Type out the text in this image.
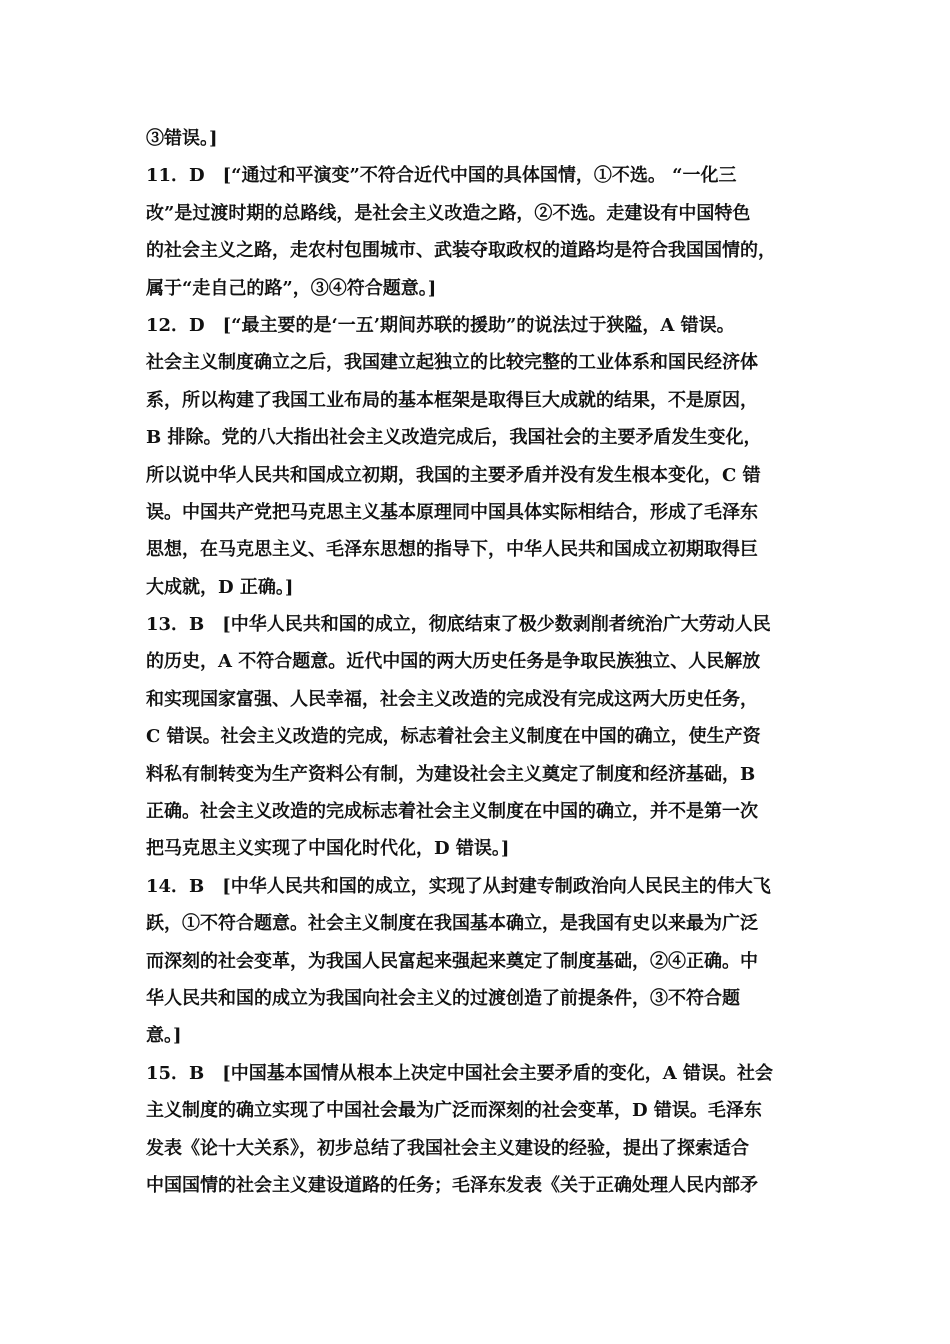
③错误。]
11．D　[“通过和平演变”不符合近代中国的具体国情，①不选。 “一化三
改”是过渡时期的总路线，是社会主义改造之路，②不选。走建设有中国特色
的社会主义之路，走农村包围城市、武装夺取政权的道路均是符合我国国情的，
属于“走自己的路”，③④符合题意。]
12．D　[“最主要的是‘一五’期间苏联的援助”的说法过于狭隘，A 错误。
社会主义制度确立之后，我国建立起独立的比较完整的工业体系和国民经济体
系，所以构建了我国工业布局的基本框架是取得巨大成就的结果，不是原因，
B 排除。党的八大指出社会主义改造完成后，我国社会的主要矛盾发生变化，
所以说中华人民共和国成立初期，我国的主要矛盾并没有发生根本变化，C 错
误。中国共产党把马克思主义基本原理同中国具体实际相结合，形成了毛泽东
思想，在马克思主义、毛泽东思想的指导下，中华人民共和国成立初期取得巨
大成就，D 正确。]
13．B　[中华人民共和国的成立，彻底结束了极少数剥削者统治广大劳动人民
的历史，A 不符合题意。近代中国的两大历史任务是争取民族独立、人民解放
和实现国家富强、人民幸福，社会主义改造的完成没有完成这两大历史任务，
C 错误。社会主义改造的完成，标志着社会主义制度在中国的确立，使生产资
料私有制转变为生产资料公有制，为建设社会主义奠定了制度和经济基础，B
正确。社会主义改造的完成标志着社会主义制度在中国的确立，并不是第一次
把马克思主义实现了中国化时代化，D 错误。]
14．B　[中华人民共和国的成立，实现了从封建专制政治向人民民主的伟大飞
跃，①不符合题意。社会主义制度在我国基本确立，是我国有史以来最为广泛
而深刻的社会变革，为我国人民富起来强起来奠定了制度基础，②④正确。中
华人民共和国的成立为我国向社会主义的过渡创造了前提条件，③不符合题
意。]
15．B　[中国基本国情从根本上决定中国社会主要矛盾的变化，A 错误。社会
主义制度的确立实现了中国社会最为广泛而深刻的社会变革，D 错误。毛泽东
发表《论十大关系》，初步总结了我国社会主义建设的经验，提出了探索适合
中国国情的社会主义建设道路的任务；毛泽东发表《关于正确处理人民内部矛
